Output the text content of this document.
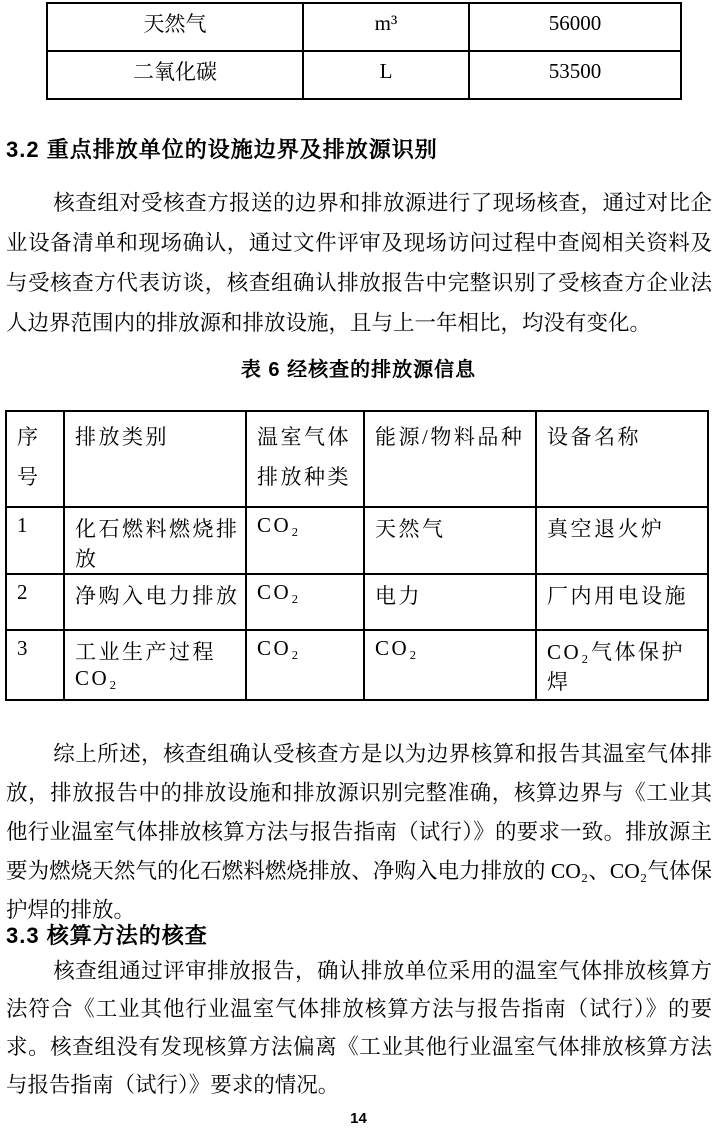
天然气	m³	56000
二氧化碳	L	53500
3.2 重点排放单位的设施边界及排放源识别

核查组对受核查方报送的边界和排放源进行了现场核查，通过对比企业设备清单和现场确认，通过文件评审及现场访问过程中查阅相关资料及与受核查方代表访谈，核查组确认排放报告中完整识别了受核查方企业法人边界范围内的排放源和排放设施，且与上一年相比，均没有变化。

表 6 经核查的排放源信息
序号	排放类别	温室气体排放种类	能源/物料品种	设备名称
1	化石燃料燃烧排放	CO₂	天然气	真空退火炉
2	净购入电力排放	CO₂	电力	厂内用电设施
3	工业生产过程 CO₂	CO₂	CO₂	CO₂气体保护焊

综上所述，核查组确认受核查方是以为边界核算和报告其温室气体排放，排放报告中的排放设施和排放源识别完整准确，核算边界与《工业其他行业温室气体排放核算方法与报告指南（试行）》的要求一致。排放源主要为燃烧天然气的化石燃料燃烧排放、净购入电力排放的 CO₂、CO₂气体保护焊的排放。

3.3 核算方法的核查

核查组通过评审排放报告，确认排放单位采用的温室气体排放核算方法符合《工业其他行业温室气体排放核算方法与报告指南（试行）》的要求。核查组没有发现核算方法偏离《工业其他行业温室气体排放核算方法与报告指南（试行）》要求的情况。

14
